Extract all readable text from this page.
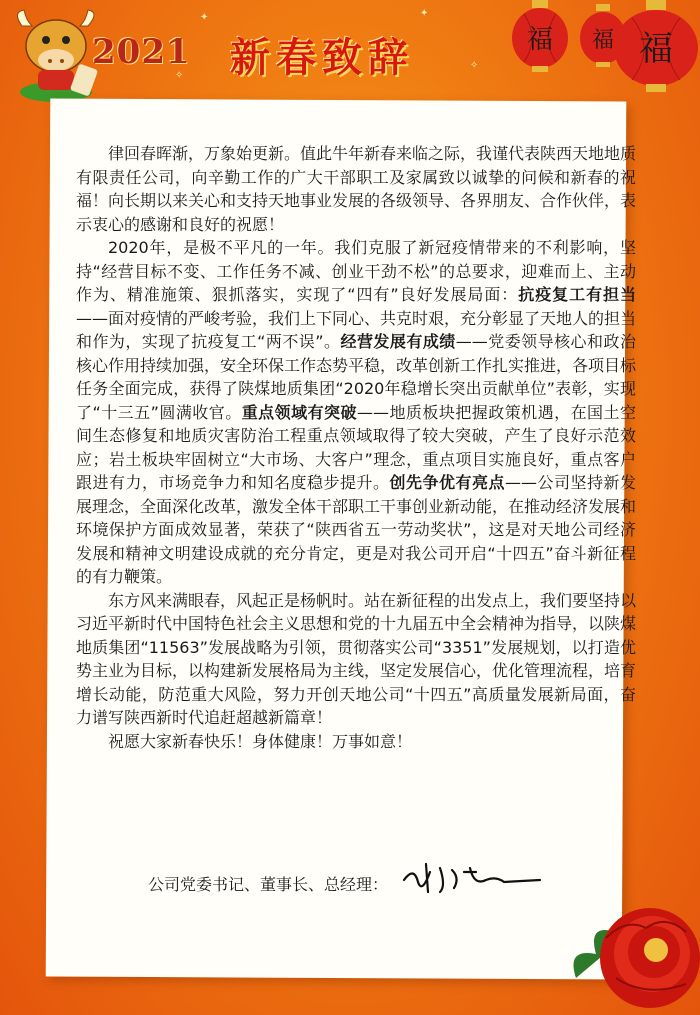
2021 新春致辞
✦	✦
✧
✧
福 福 福

律回春晖渐，万象始更新。值此牛年新春来临之际，我谨代表陕西天地地质有限责任公司，向辛勤工作的广大干部职工及家属致以诚挚的问候和新春的祝福！向长期以来关心和支持天地事业发展的各级领导、各界朋友、合作伙伴，表示衷心的感谢和良好的祝愿！

2020年，是极不平凡的一年。我们克服了新冠疫情带来的不利影响，坚持“经营目标不变、工作任务不减、创业干劲不松”的总要求，迎难而上、主动作为、精准施策、狠抓落实，实现了“四有”良好发展局面：抗疫复工有担当——面对疫情的严峻考验，我们上下同心、共克时艰，充分彰显了天地人的担当和作为，实现了抗疫复工“两不误”。经营发展有成绩——党委领导核心和政治核心作用持续加强，安全环保工作态势平稳，改革创新工作扎实推进，各项目标任务全面完成，获得了陕煤地质集团“2020年稳增长突出贡献单位”表彰，实现了“十三五”圆满收官。重点领域有突破——地质板块把握政策机遇，在国土空间生态修复和地质灾害防治工程重点领域取得了较大突破，产生了良好示范效应；岩土板块牢固树立“大市场、大客户”理念，重点项目实施良好，重点客户跟进有力，市场竞争力和知名度稳步提升。创先争优有亮点——公司坚持新发展理念，全面深化改革，激发全体干部职工干事创业新动能，在推动经济发展和环境保护方面成效显著，荣获了“陕西省五一劳动奖状”，这是对天地公司经济发展和精神文明建设成就的充分肯定，更是对我公司开启“十四五”奋斗新征程的有力鞭策。

东方风来满眼春，风起正是杨帆时。站在新征程的出发点上，我们要坚持以习近平新时代中国特色社会主义思想和党的十九届五中全会精神为指导，以陕煤地质集团“11563”发展战略为引领，贯彻落实公司“3351”发展规划，以打造优势主业为目标，以构建新发展格局为主线，坚定发展信心，优化管理流程，培育增长动能，防范重大风险，努力开创天地公司“十四五”高质量发展新局面，奋力谱写陕西新时代追赶超越新篇章！

祝愿大家新春快乐！身体健康！万事如意！

公司党委书记、董事长、总经理：
